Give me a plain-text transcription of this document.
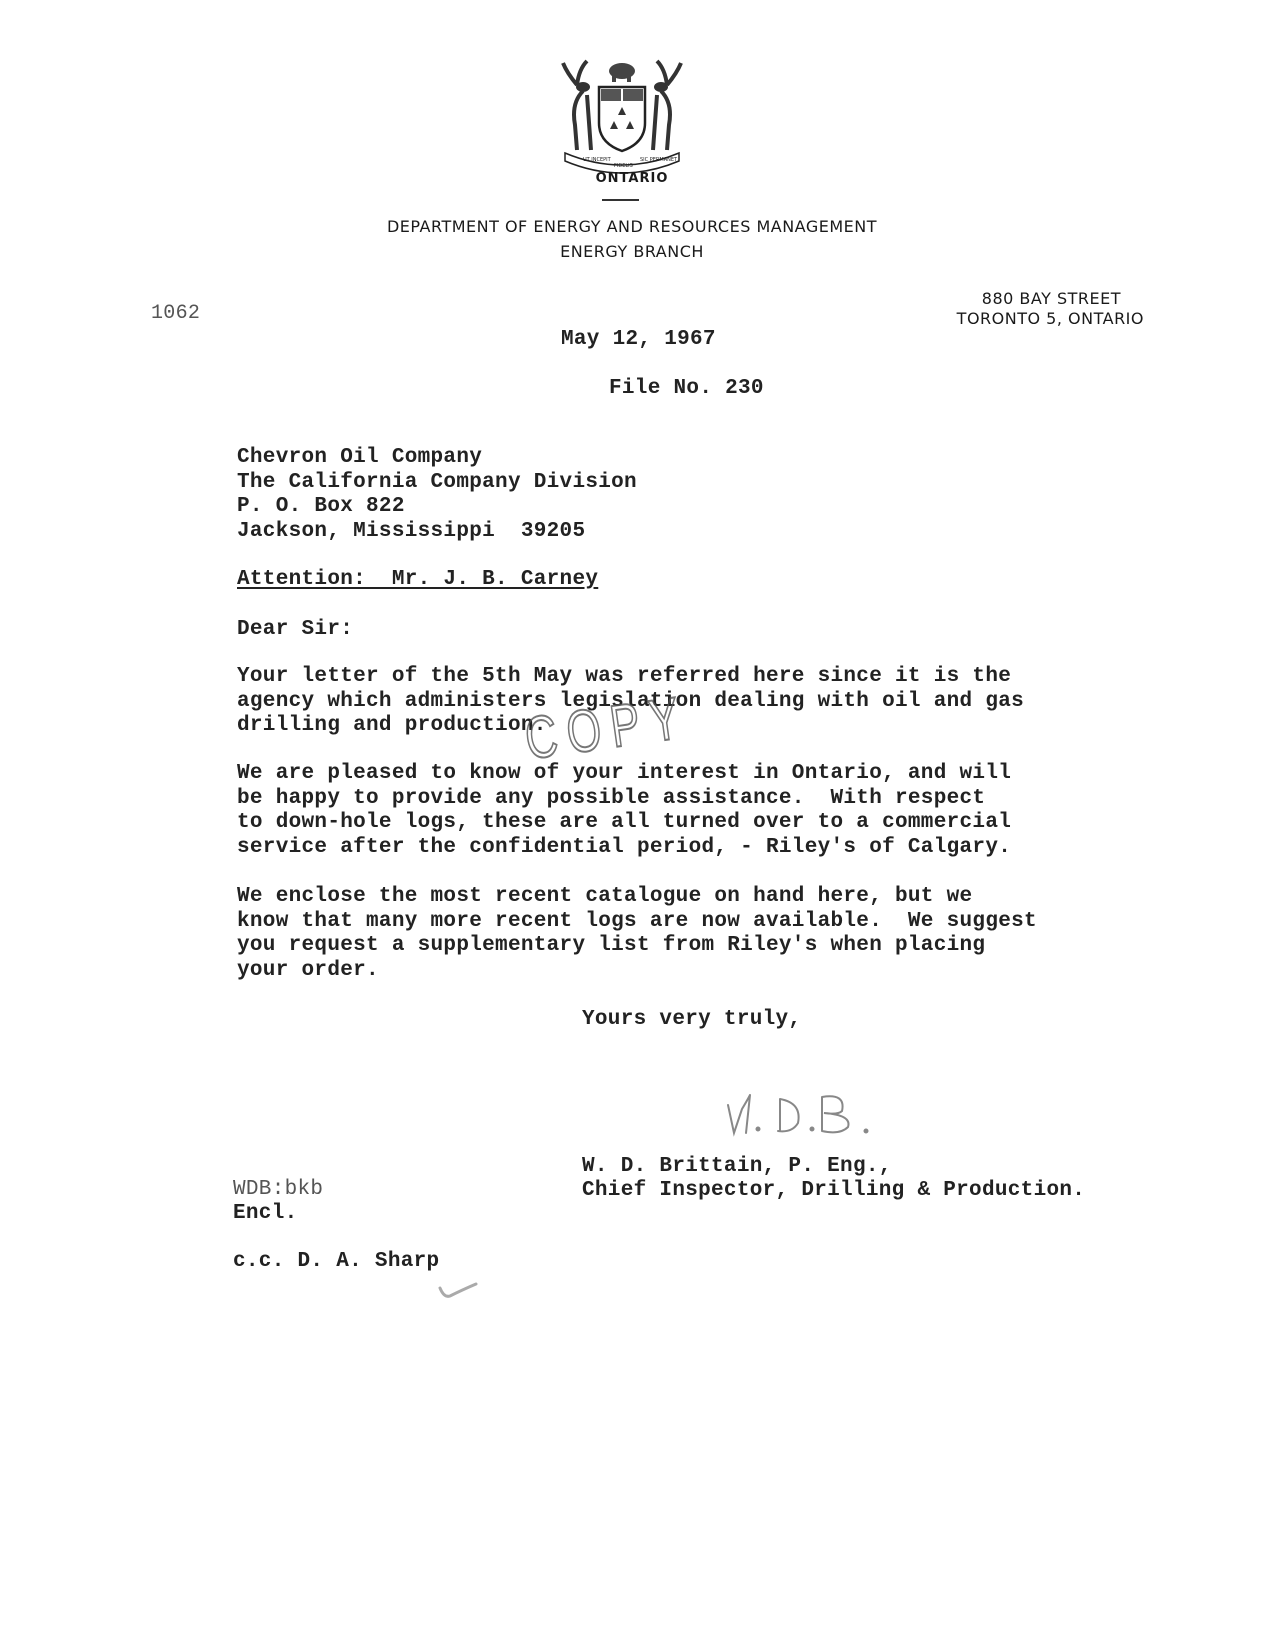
UT INCEPIT
FIDELIS
SIC PERMANET
ONTARIO
DEPARTMENT OF ENERGY AND RESOURCES MANAGEMENT
ENERGY BRANCH
880 BAY STREET
TORONTO 5, ONTARIO
1062
May 12, 1967
File No. 230
Chevron Oil Company
The California Company Division
P. O. Box 822
Jackson, Mississippi  39205
Attention:  Mr. J. B. Carney
Dear Sir:
Your letter of the 5th May was referred here since it is the
agency which administers legislation dealing with oil and gas
drilling and production.
We are pleased to know of your interest in Ontario, and will
be happy to provide any possible assistance.  With respect
to down-hole logs, these are all turned over to a commercial
service after the confidential period, - Riley's of Calgary.
We enclose the most recent catalogue on hand here, but we
know that many more recent logs are now available.  We suggest
you request a supplementary list from Riley's when placing
your order.
COPY
Yours very truly,
W. D. Brittain, P. Eng.,
Chief Inspector, Drilling & Production.
WDB:bkb
Encl.
c.c. D. A. Sharp
